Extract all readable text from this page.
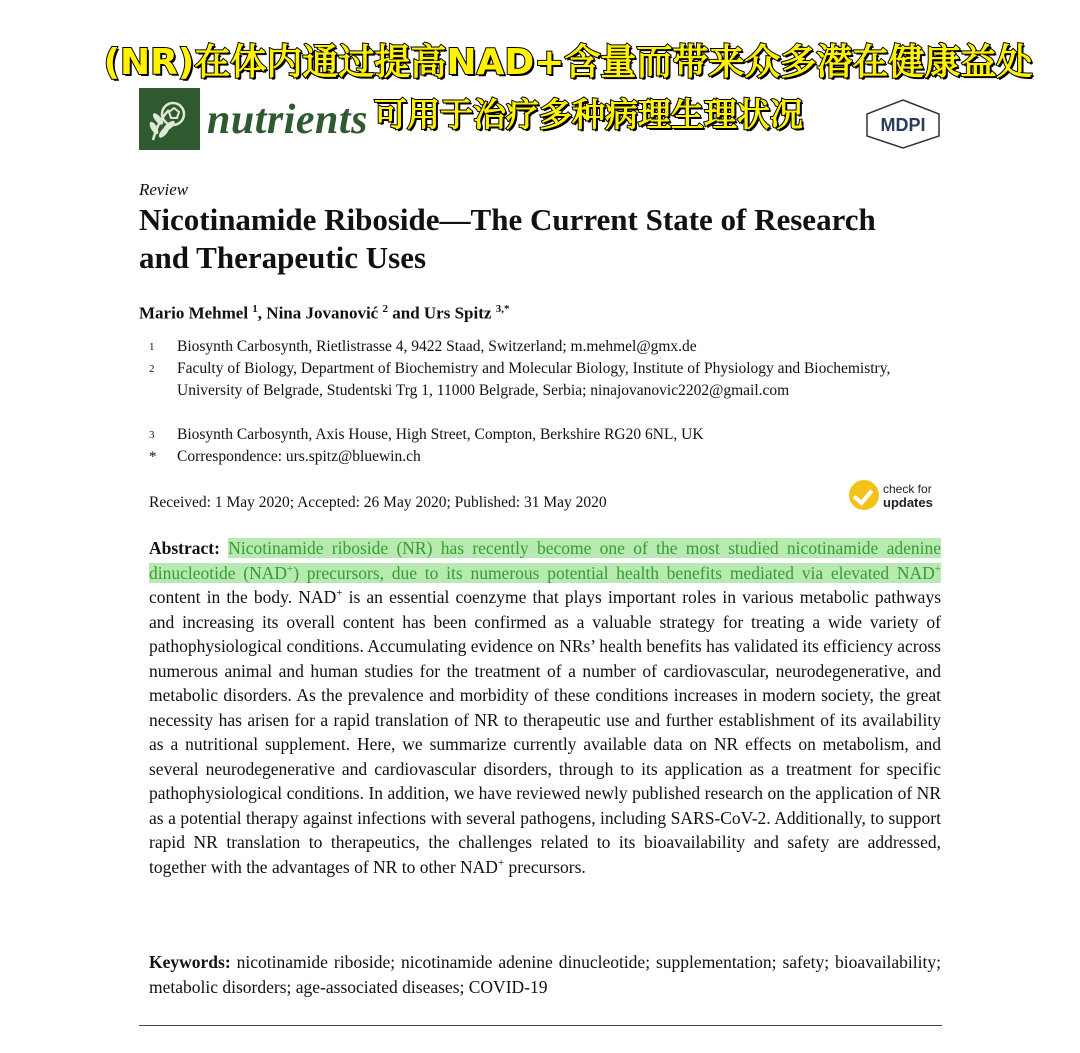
nutrients	MDPI
(NR)在体内通过提高NAD+含量而带来众多潜在健康益处
可用于治疗多种病理生理状况
Review
Nicotinamide Riboside—The Current State of Research and Therapeutic Uses
Mario Mehmel $^1$, Nina Jovanović $^2$ and Urs Spitz $^{3,*}$
1 Biosynth Carbosynth, Rietlistrasse 4, 9422 Staad, Switzerland; m.mehmel@gmx.de
2 Faculty of Biology, Department of Biochemistry and Molecular Biology, Institute of Physiology and Biochemistry, University of Belgrade, Studentski Trg 1, 11000 Belgrade, Serbia; ninajovanovic2202@gmail.com
3 Biosynth Carbosynth, Axis House, High Street, Compton, Berkshire RG20 6NL, UK
* Correspondence: urs.spitz@bluewin.ch
Received: 1 May 2020; Accepted: 26 May 2020; Published: 31 May 2020
check for
updates
Abstract: Nicotinamide riboside (NR) has recently become one of the most studied nicotinamide adenine dinucleotide (NAD+) precursors, due to its numerous potential health benefits mediated via elevated NAD+ content in the body. NAD+ is an essential coenzyme that plays important roles in various metabolic pathways and increasing its overall content has been confirmed as a valuable strategy for treating a wide variety of pathophysiological conditions. Accumulating evidence on NRs’ health benefits has validated its efficiency across numerous animal and human studies for the treatment of a number of cardiovascular, neurodegenerative, and metabolic disorders. As the prevalence and morbidity of these conditions increases in modern society, the great necessity has arisen for a rapid translation of NR to therapeutic use and further establishment of its availability as a nutritional supplement. Here, we summarize currently available data on NR effects on metabolism, and several neurodegenerative and cardiovascular disorders, through to its application as a treatment for specific pathophysiological conditions. In addition, we have reviewed newly published research on the application of NR as a potential therapy against infections with several pathogens, including SARS-CoV-2. Additionally, to support rapid NR translation to therapeutics, the challenges related to its bioavailability and safety are addressed, together with the advantages of NR to other NAD+ precursors.
Keywords: nicotinamide riboside; nicotinamide adenine dinucleotide; supplementation; safety; bioavailability; metabolic disorders; age-associated diseases; COVID-19
